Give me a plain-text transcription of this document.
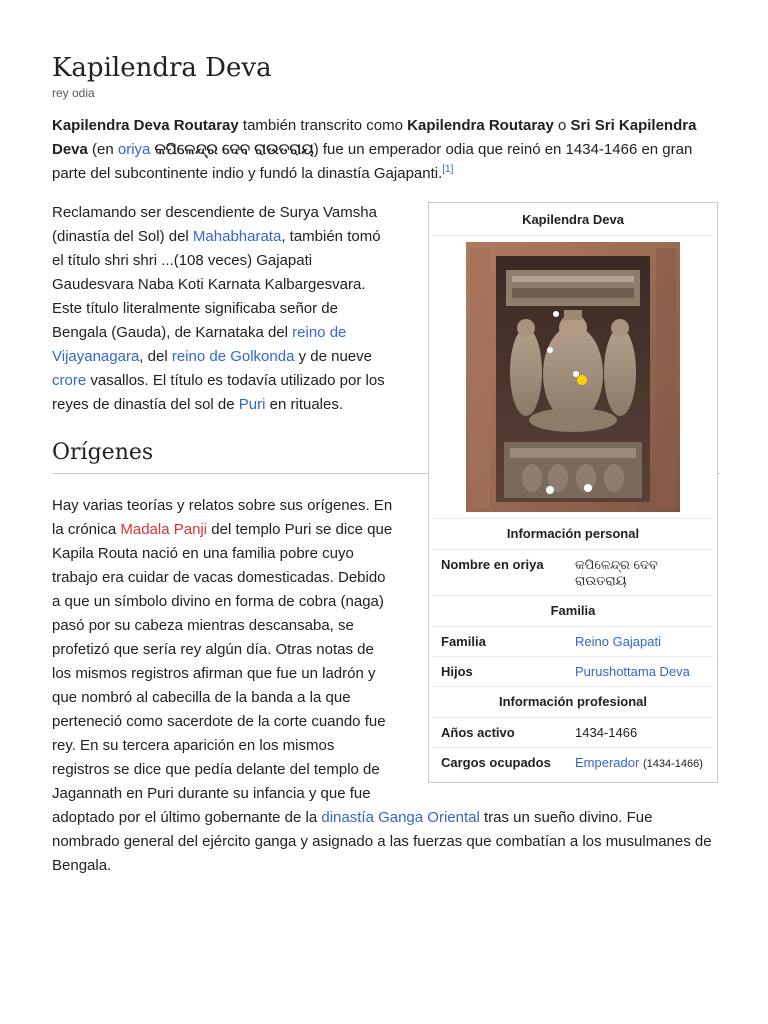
Kapilendra Deva
rey odia

Kapilendra Deva Routaray también transcrito como Kapilendra Routaray o Sri Sri Kapilendra Deva (en oriya କପିଳେନ୍ଦ୍ର ଦେବ ରାଉତରାୟ) fue un emperador odia que reinó en 1434-1466 en gran parte del subcontinente indio y fundó la dinastía Gajapanti.[1]

Kapilendra Deva
Información personal
Nombre en oriya	କପିଳେନ୍ଦ୍ର ଦେବ ରାଉତରାୟ
Familia
Familia	Reino Gajapati
Hijos	Purushottama Deva
Información profesional
Años activo	1434-1466
Cargos ocupados	Emperador (1434-1466)

Reclamando ser descendiente de Surya Vamsha (dinastía del Sol) del Mahabharata, también tomó el título shri shri ...(108 veces) Gajapati Gaudesvara Naba Koti Karnata Kalbargesvara. Este título literalmente significaba señor de Bengala (Gauda), de Karnataka del reino de Vijayanagara, del reino de Golkonda y de nueve crore vasallos. El título es todavía utilizado por los reyes de dinastía del sol de Puri en rituales.

Orígenes

Hay varias teorías y relatos sobre sus orígenes. En la crónica Madala Panji del templo Puri se dice que Kapila Routa nació en una familia pobre cuyo trabajo era cuidar de vacas domesticadas. Debido a que un símbolo divino en forma de cobra (naga) pasó por su cabeza mientras descansaba, se profetizó que sería rey algún día. Otras notas de los mismos registros afirman que fue un ladrón y que nombró al cabecilla de la banda a la que perteneció como sacerdote de la corte cuando fue rey. En su tercera aparición en los mismos registros se dice que pedía delante del templo de Jagannath en Puri durante su infancia y que fue adoptado por el último gobernante de la dinastía Ganga Oriental tras un sueño divino. Fue nombrado general del ejército ganga y asignado a las fuerzas que combatían a los musulmanes de Bengala.
